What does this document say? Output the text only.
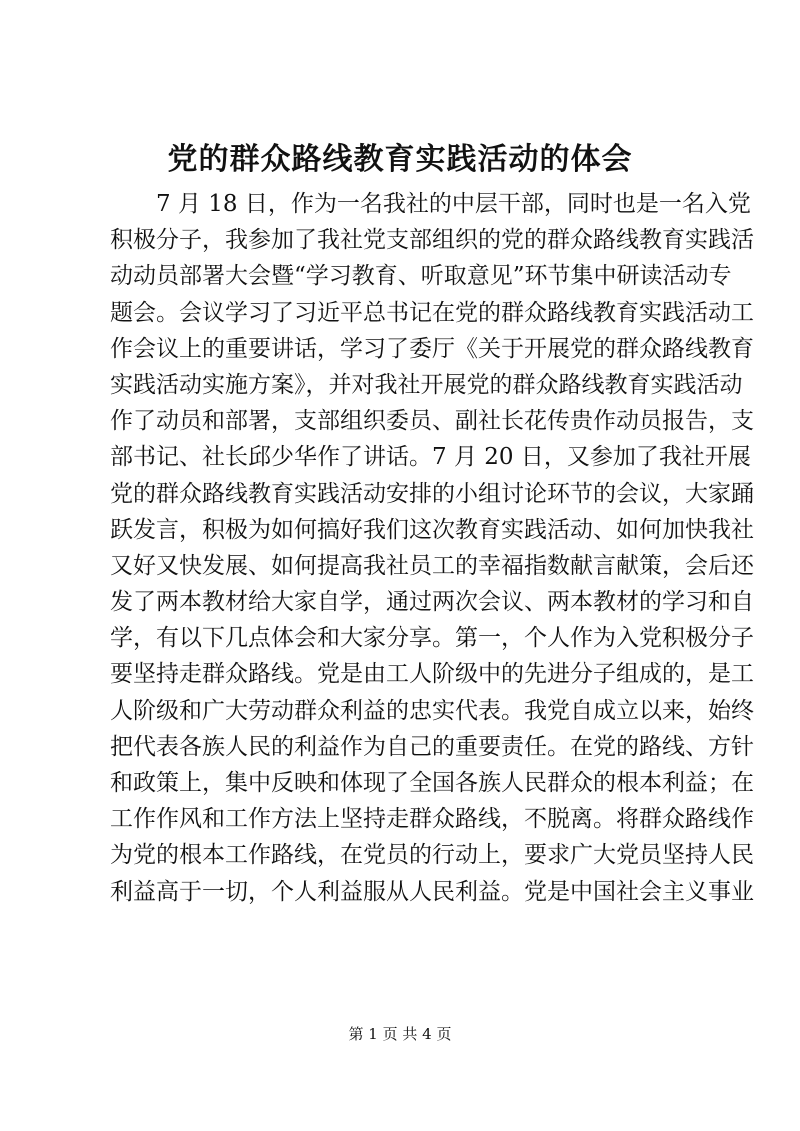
党的群众路线教育实践活动的体会
7 月 18 日，作为一名我社的中层干部，同时也是一名入党
积极分子，我参加了我社党支部组织的党的群众路线教育实践活
动动员部署大会暨“学习教育、听取意见”环节集中研读活动专
题会。会议学习了习近平总书记在党的群众路线教育实践活动工
作会议上的重要讲话，学习了委厅《关于开展党的群众路线教育
实践活动实施方案》，并对我社开展党的群众路线教育实践活动
作了动员和部署，支部组织委员、副社长花传贵作动员报告，支
部书记、社长邱少华作了讲话。7 月 20 日，又参加了我社开展
党的群众路线教育实践活动安排的小组讨论环节的会议，大家踊
跃发言，积极为如何搞好我们这次教育实践活动、如何加快我社
又好又快发展、如何提高我社员工的幸福指数献言献策，会后还
发了两本教材给大家自学，通过两次会议、两本教材的学习和自
学，有以下几点体会和大家分享。第一，个人作为入党积极分子
要坚持走群众路线。党是由工人阶级中的先进分子组成的，是工
人阶级和广大劳动群众利益的忠实代表。我党自成立以来，始终
把代表各族人民的利益作为自己的重要责任。在党的路线、方针
和政策上，集中反映和体现了全国各族人民群众的根本利益；在
工作作风和工作方法上坚持走群众路线，不脱离。将群众路线作
为党的根本工作路线，在党员的行动上，要求广大党员坚持人民
利益高于一切，个人利益服从人民利益。党是中国社会主义事业
第 1 页 共 4 页
